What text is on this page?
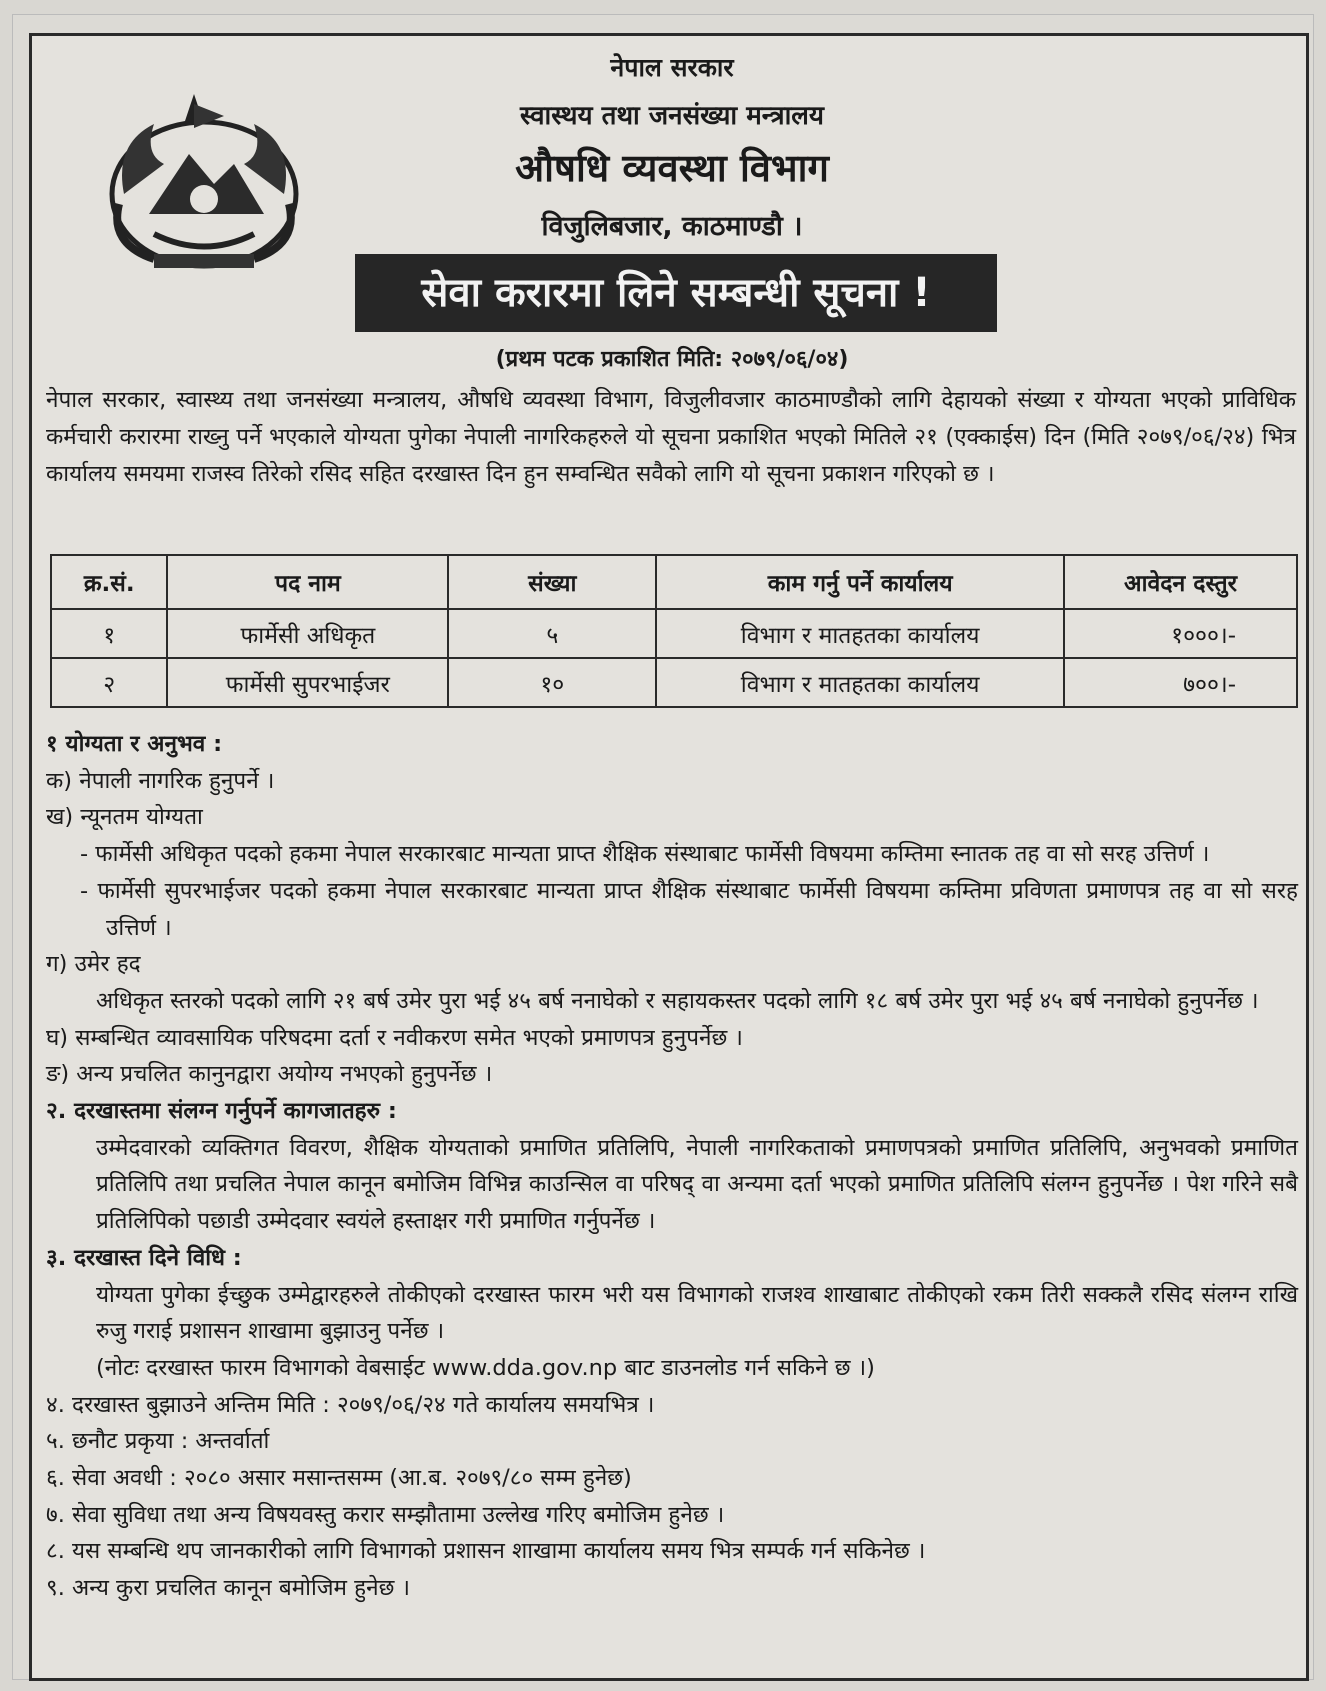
नेपाल सरकार
स्वास्थय तथा जनसंख्या मन्त्रालय
औषधि व्यवस्था विभाग
विजुलिबजार, काठमाण्डौ ।
सेवा करारमा लिने सम्बन्धी सूचना !
(प्रथम पटक प्रकाशित मिति: २०७९/०६/०४)
नेपाल सरकार, स्वास्थ्य तथा जनसंख्या मन्त्रालय, औषधि व्यवस्था विभाग, विजुलीवजार काठमाण्डौको लागि देहायको संख्या र योग्यता भएको प्राविधिक कर्मचारी करारमा राख्नु पर्ने भएकाले योग्यता पुगेका नेपाली नागरिकहरुले यो सूचना प्रकाशित भएको मितिले २१ (एक्काईस) दिन (मिति २०७९/०६/२४) भित्र कार्यालय समयमा राजस्व तिरेको रसिद सहित दरखास्त दिन हुन सम्वन्धित सवैको लागि यो सूचना प्रकाशन गरिएको छ ।
क्र.सं.	पद नाम	संख्या	काम गर्नु पर्ने कार्यालय	आवेदन दस्तुर
१	फार्मेसी अधिकृत	५	विभाग र मातहतका कार्यालय	१०००।-
२	फार्मेसी सुपरभाईजर	१०	विभाग र मातहतका कार्यालय	७००।-

१ योग्यता र अनुभव :

क) नेपाली नागरिक हुनुपर्ने ।

ख) न्यूनतम योग्यता

- फार्मेसी अधिकृत पदको हकमा नेपाल सरकारबाट मान्यता प्राप्त शैक्षिक संस्थाबाट फार्मेसी विषयमा कम्तिमा स्नातक तह वा सो सरह उत्तिर्ण ।

- फार्मेसी सुपरभाईजर पदको हकमा नेपाल सरकारबाट मान्यता प्राप्त शैक्षिक संस्थाबाट फार्मेसी विषयमा कम्तिमा प्रविणता प्रमाणपत्र तह वा सो सरह उत्तिर्ण ।

ग) उमेर हद

अधिकृत स्तरको पदको लागि २१ बर्ष उमेर पुरा भई ४५ बर्ष ननाघेको र सहायकस्तर पदको लागि १८ बर्ष उमेर पुरा भई ४५ बर्ष ननाघेको हुनुपर्नेछ ।

घ) सम्बन्धित व्यावसायिक परिषदमा दर्ता र नवीकरण समेत भएको प्रमाणपत्र हुनुपर्नेछ ।

ङ) अन्य प्रचलित कानुनद्वारा अयोग्य नभएको हुनुपर्नेछ ।

२. दरखास्तमा संलग्न गर्नुपर्ने कागजातहरु :

उम्मेदवारको व्यक्तिगत विवरण, शैक्षिक योग्यताको प्रमाणित प्रतिलिपि, नेपाली नागरिकताको प्रमाणपत्रको प्रमाणित प्रतिलिपि, अनुभवको प्रमाणित प्रतिलिपि तथा प्रचलित नेपाल कानून बमोजिम विभिन्न काउन्सिल वा परिषद् वा अन्यमा दर्ता भएको प्रमाणित प्रतिलिपि संलग्न हुनुपर्नेछ । पेश गरिने सबै प्रतिलिपिको पछाडी उम्मेदवार स्वयंले हस्ताक्षर गरी प्रमाणित गर्नुपर्नेछ ।

३. दरखास्त दिने विधि :

योग्यता पुगेका ईच्छुक उम्मेद्वारहरुले तोकीएको दरखास्त फारम भरी यस विभागको राजश्व शाखाबाट तोकीएको रकम तिरी सक्कलै रसिद संलग्न राखि रुजु गराई प्रशासन शाखामा बुझाउनु पर्नेछ ।

(नोटः दरखास्त फारम विभागको वेबसाईट www.dda.gov.np बाट डाउनलोड गर्न सकिने छ ।)

४. दरखास्त बुझाउने अन्तिम मिति : २०७९/०६/२४ गते कार्यालय समयभित्र ।

५. छनौट प्रकृया : अन्तर्वार्ता

६. सेवा अवधी : २०८० असार मसान्तसम्म (आ.ब. २०७९/८० सम्म हुनेछ)

७. सेवा सुविधा तथा अन्य विषयवस्तु करार सम्झौतामा उल्लेख गरिए बमोजिम हुनेछ ।

८. यस सम्बन्धि थप जानकारीको लागि विभागको प्रशासन शाखामा कार्यालय समय भित्र सम्पर्क गर्न सकिनेछ ।

९. अन्य कुरा प्रचलित कानून बमोजिम हुनेछ ।
